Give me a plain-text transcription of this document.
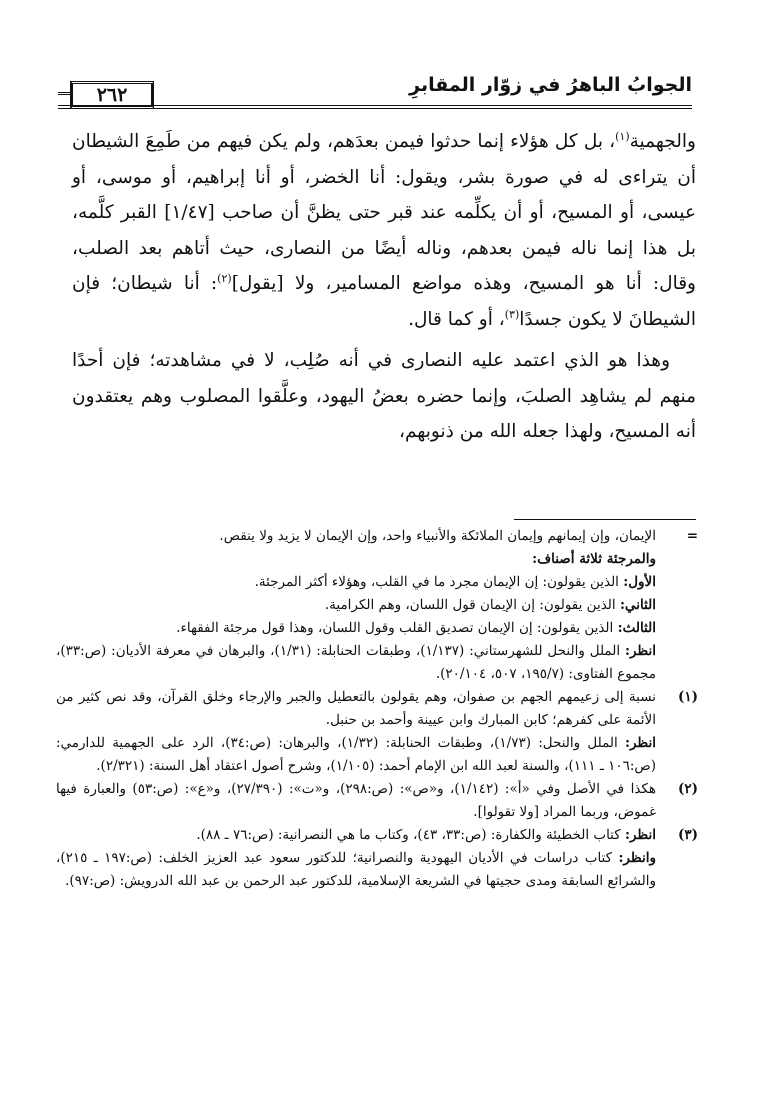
الجوابُ الباهرُ في زوّار المقابرِ
٢٦٢

والجهمية$^{(١)}$، بل كل هؤلاء إنما حدثوا فيمن بعدَهم، ولم يكن فيهم من طَمِعَ الشيطان أن يتراءى له في صورة بشر، ويقول: أنا الخضر، أو أنا إبراهيم، أو موسى، أو عيسى، أو المسيح، أو أن يكلِّمه عند قبر حتى يظنَّ أن صاحب [١/٤٧] القبر كلَّمه، بل هذا إنما ناله فيمن بعدهم، وناله أيضًا من النصارى، حيث أتاهم بعد الصلب، وقال: أنا هو المسيح، وهذه مواضع المسامير، ولا [يقول]$^{(٢)}$: أنا شيطان؛ فإن الشيطانَ لا يكون جسدًا$^{(٣)}$، أو كما قال.

وهذا هو الذي اعتمد عليه النصارى في أنه صُلِب، لا في مشاهدته؛ فإن أحدًا منهم لم يشاهِد الصلبَ، وإنما حضره بعضُ اليهود، وعلَّقوا المصلوب وهم يعتقدون أنه المسيح، ولهذا جعله الله من ذنوبهم،

=

الإيمان، وإن إيمانهم وإيمان الملائكة والأنبياء واحد، وإن الإيمان لا يزيد ولا ينقص.

والمرجئة ثلاثة أصناف:

الأول: الذين يقولون: إن الإيمان مجرد ما في القلب، وهؤلاء أكثر المرجئة.

الثاني: الذين يقولون: إن الإيمان قول اللسان، وهم الكرامية.

الثالث: الذين يقولون: إن الإيمان تصديق القلب وقول اللسان، وهذا قول مرجئة الفقهاء.

انظر: الملل والنحل للشهرستاني: (١/١٣٧)، وطبقات الحنابلة: (١/٣١)، والبرهان في معرفة الأديان: (ص:٣٣)، مجموع الفتاوى: (١٩٥/٧، ٥٠٧، ٢٠/١٠٤).

(١)

نسبة إلى زعيمهم الجهم بن صفوان، وهم يقولون بالتعطيل والجبر والإرجاء وخلق القرآن، وقد نص كثير من الأئمة على كفرهم؛ كابن المبارك وابن عيينة وأحمد بن حنبل.

انظر: الملل والنحل: (١/٧٣)، وطبقات الحنابلة: (١/٣٢)، والبرهان: (ص:٣٤)، الرد على الجهمية للدارمي: (ص:١٠٦ ـ ١١١)، والسنة لعبد الله ابن الإمام أحمد: (١/١٠٥)، وشرح أصول اعتقاد أهل السنة: (٢/٣٢١).

(٢)

هكذا في الأصل وفي «أ»: (١/١٤٢)، و«ص»: (ص:٢٩٨)، و«ت»: (٢٧/٣٩٠)، و«ع»: (ص:٥٣) والعبارة فيها غموض، وربما المراد [ولا تقولوا].

(٣)

انظر: كتاب الخطيئة والكفارة: (ص:٣٣، ٤٣)، وكتاب ما هي النصرانية: (ص:٧٦ ـ ٨٨).

وانظر: كتاب دراسات في الأديان اليهودية والنصرانية؛ للدكتور سعود عبد العزيز الخلف: (ص:١٩٧ ـ ٢١٥)، والشرائع السابقة ومدى حجيتها في الشريعة الإسلامية، للدكتور عبد الرحمن بن عبد الله الدرويش: (ص:٩٧).
